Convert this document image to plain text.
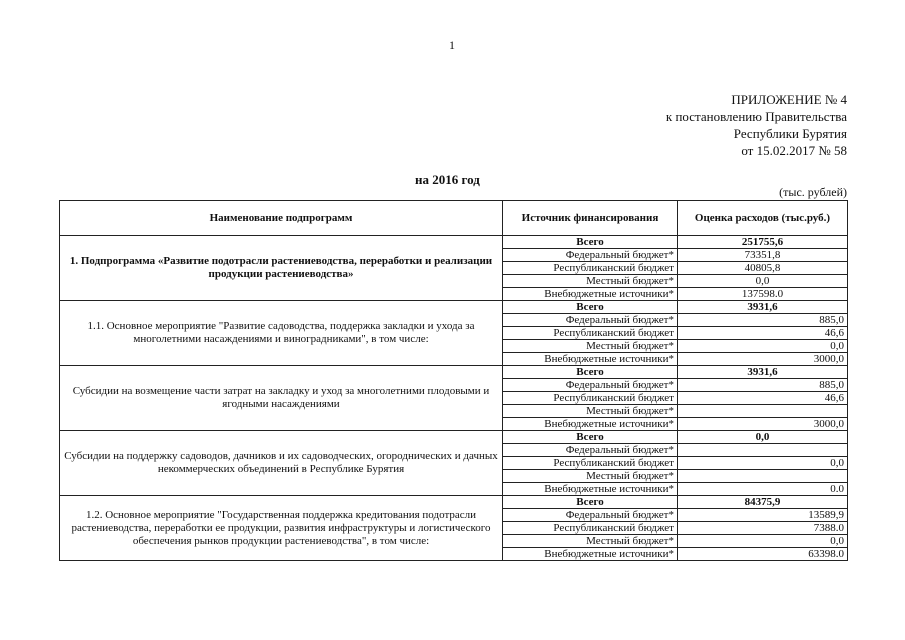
1
ПРИЛОЖЕНИЕ № 4
к постановлению Правительства
Республики Бурятия
от 15.02.2017 № 58
на 2016 год
(тыс. рублей)
Наименование подпрограмм	Источник финансирования	Оценка расходов (тыс.руб.)
1. Подпрограмма «Развитие подотрасли растениеводства, переработки и реализации продукции растениеводства»	Всего	251755,6
	Федеральный бюджет*	73351,8
	Республиканский бюджет	40805,8
	Местный бюджет*	0,0
	Внебюджетные источники*	137598.0
1.1. Основное мероприятие "Развитие садоводства, поддержка закладки и ухода за многолетними насаждениями и виноградниками", в том числе:	Всего	3931,6
	Федеральный бюджет*	885,0
	Республиканский бюджет	46,6
	Местный бюджет*	0,0
	Внебюджетные источники*	3000,0
Субсидии на возмещение части затрат на закладку и уход за многолетними плодовыми и ягодными насаждениями	Всего	3931,6
	Федеральный бюджет*	885,0
	Республиканский бюджет	46,6
	Местный бюджет*	
	Внебюджетные источники*	3000,0
Субсидии на поддержку садоводов, дачников и их садоводческих, огороднических и дачных некоммерческих объединений в Республике Бурятия	Всего	0,0
	Федеральный бюджет*	
	Республиканский бюджет	0,0
	Местный бюджет*	
	Внебюджетные источники*	0.0
1.2. Основное мероприятие "Государственная поддержка кредитования подотрасли растениеводства, переработки ее продукции, развития инфраструктуры и логистического обеспечения рынков продукции растениеводства", в том числе:	Всего	84375,9
	Федеральный бюджет*	13589,9
	Республиканский бюджет	7388.0
	Местный бюджет*	0,0
	Внебюджетные источники*	63398.0
